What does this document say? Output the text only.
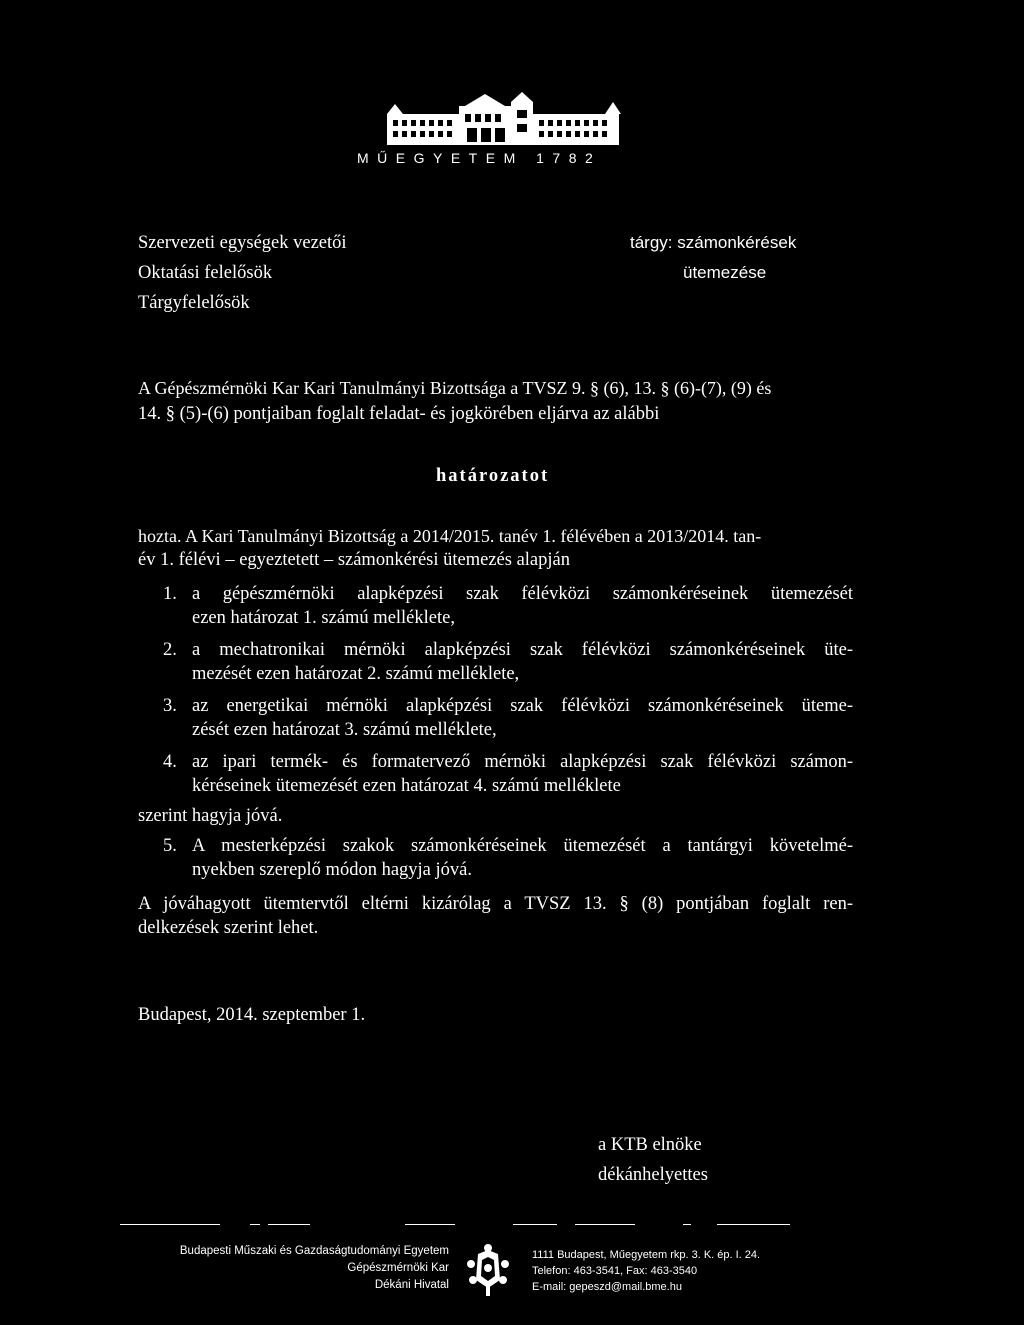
MŰEGYETEM 1782
Szervezeti egységek vezetői
Oktatási felelősök
Tárgyfelelősök
tárgy: számonkérések
ütemezése
A Gépészmérnöki Kar Kari Tanulmányi Bizottsága a TVSZ 9. § (6), 13. § (6)-(7), (9) és
14. § (5)-(6) pontjaiban foglalt feladat- és jogkörében eljárva az alábbi
határozatot
hozta. A Kari Tanulmányi Bizottság a 2014/2015. tanév 1. félévében a 2013/2014. tan-
év 1. félévi – egyeztetett – számonkérési ütemezés alapján
1. a gépészmérnöki alapképzési szak félévközi számonkéréseinek ütemezését
ezen határozat 1. számú melléklete,
2. a mechatronikai mérnöki alapképzési szak félévközi számonkéréseinek üte-
mezését ezen határozat 2. számú melléklete,
3. az energetikai mérnöki alapképzési szak félévközi számonkéréseinek üteme-
zését ezen határozat 3. számú melléklete,
4. az ipari termék- és formatervező mérnöki alapképzési szak félévközi számon-
kéréseinek ütemezését ezen határozat 4. számú melléklete
szerint hagyja jóvá.
5. A mesterképzési szakok számonkéréseinek ütemezését a tantárgyi követelmé-
nyekben szereplő módon hagyja jóvá.
A jóváhagyott ütemtervtől eltérni kizárólag a TVSZ 13. § (8) pontjában foglalt ren-
delkezések szerint lehet.
Budapest, 2014. szeptember 1.
a KTB elnöke
dékánhelyettes
Budapesti Műszaki és Gazdaságtudományi Egyetem
Gépészmérnöki Kar
Dékáni Hivatal
1111 Budapest, Műegyetem rkp. 3. K. ép. I. 24.
Telefon: 463-3541, Fax: 463-3540
E-mail: gepeszd@mail.bme.hu
